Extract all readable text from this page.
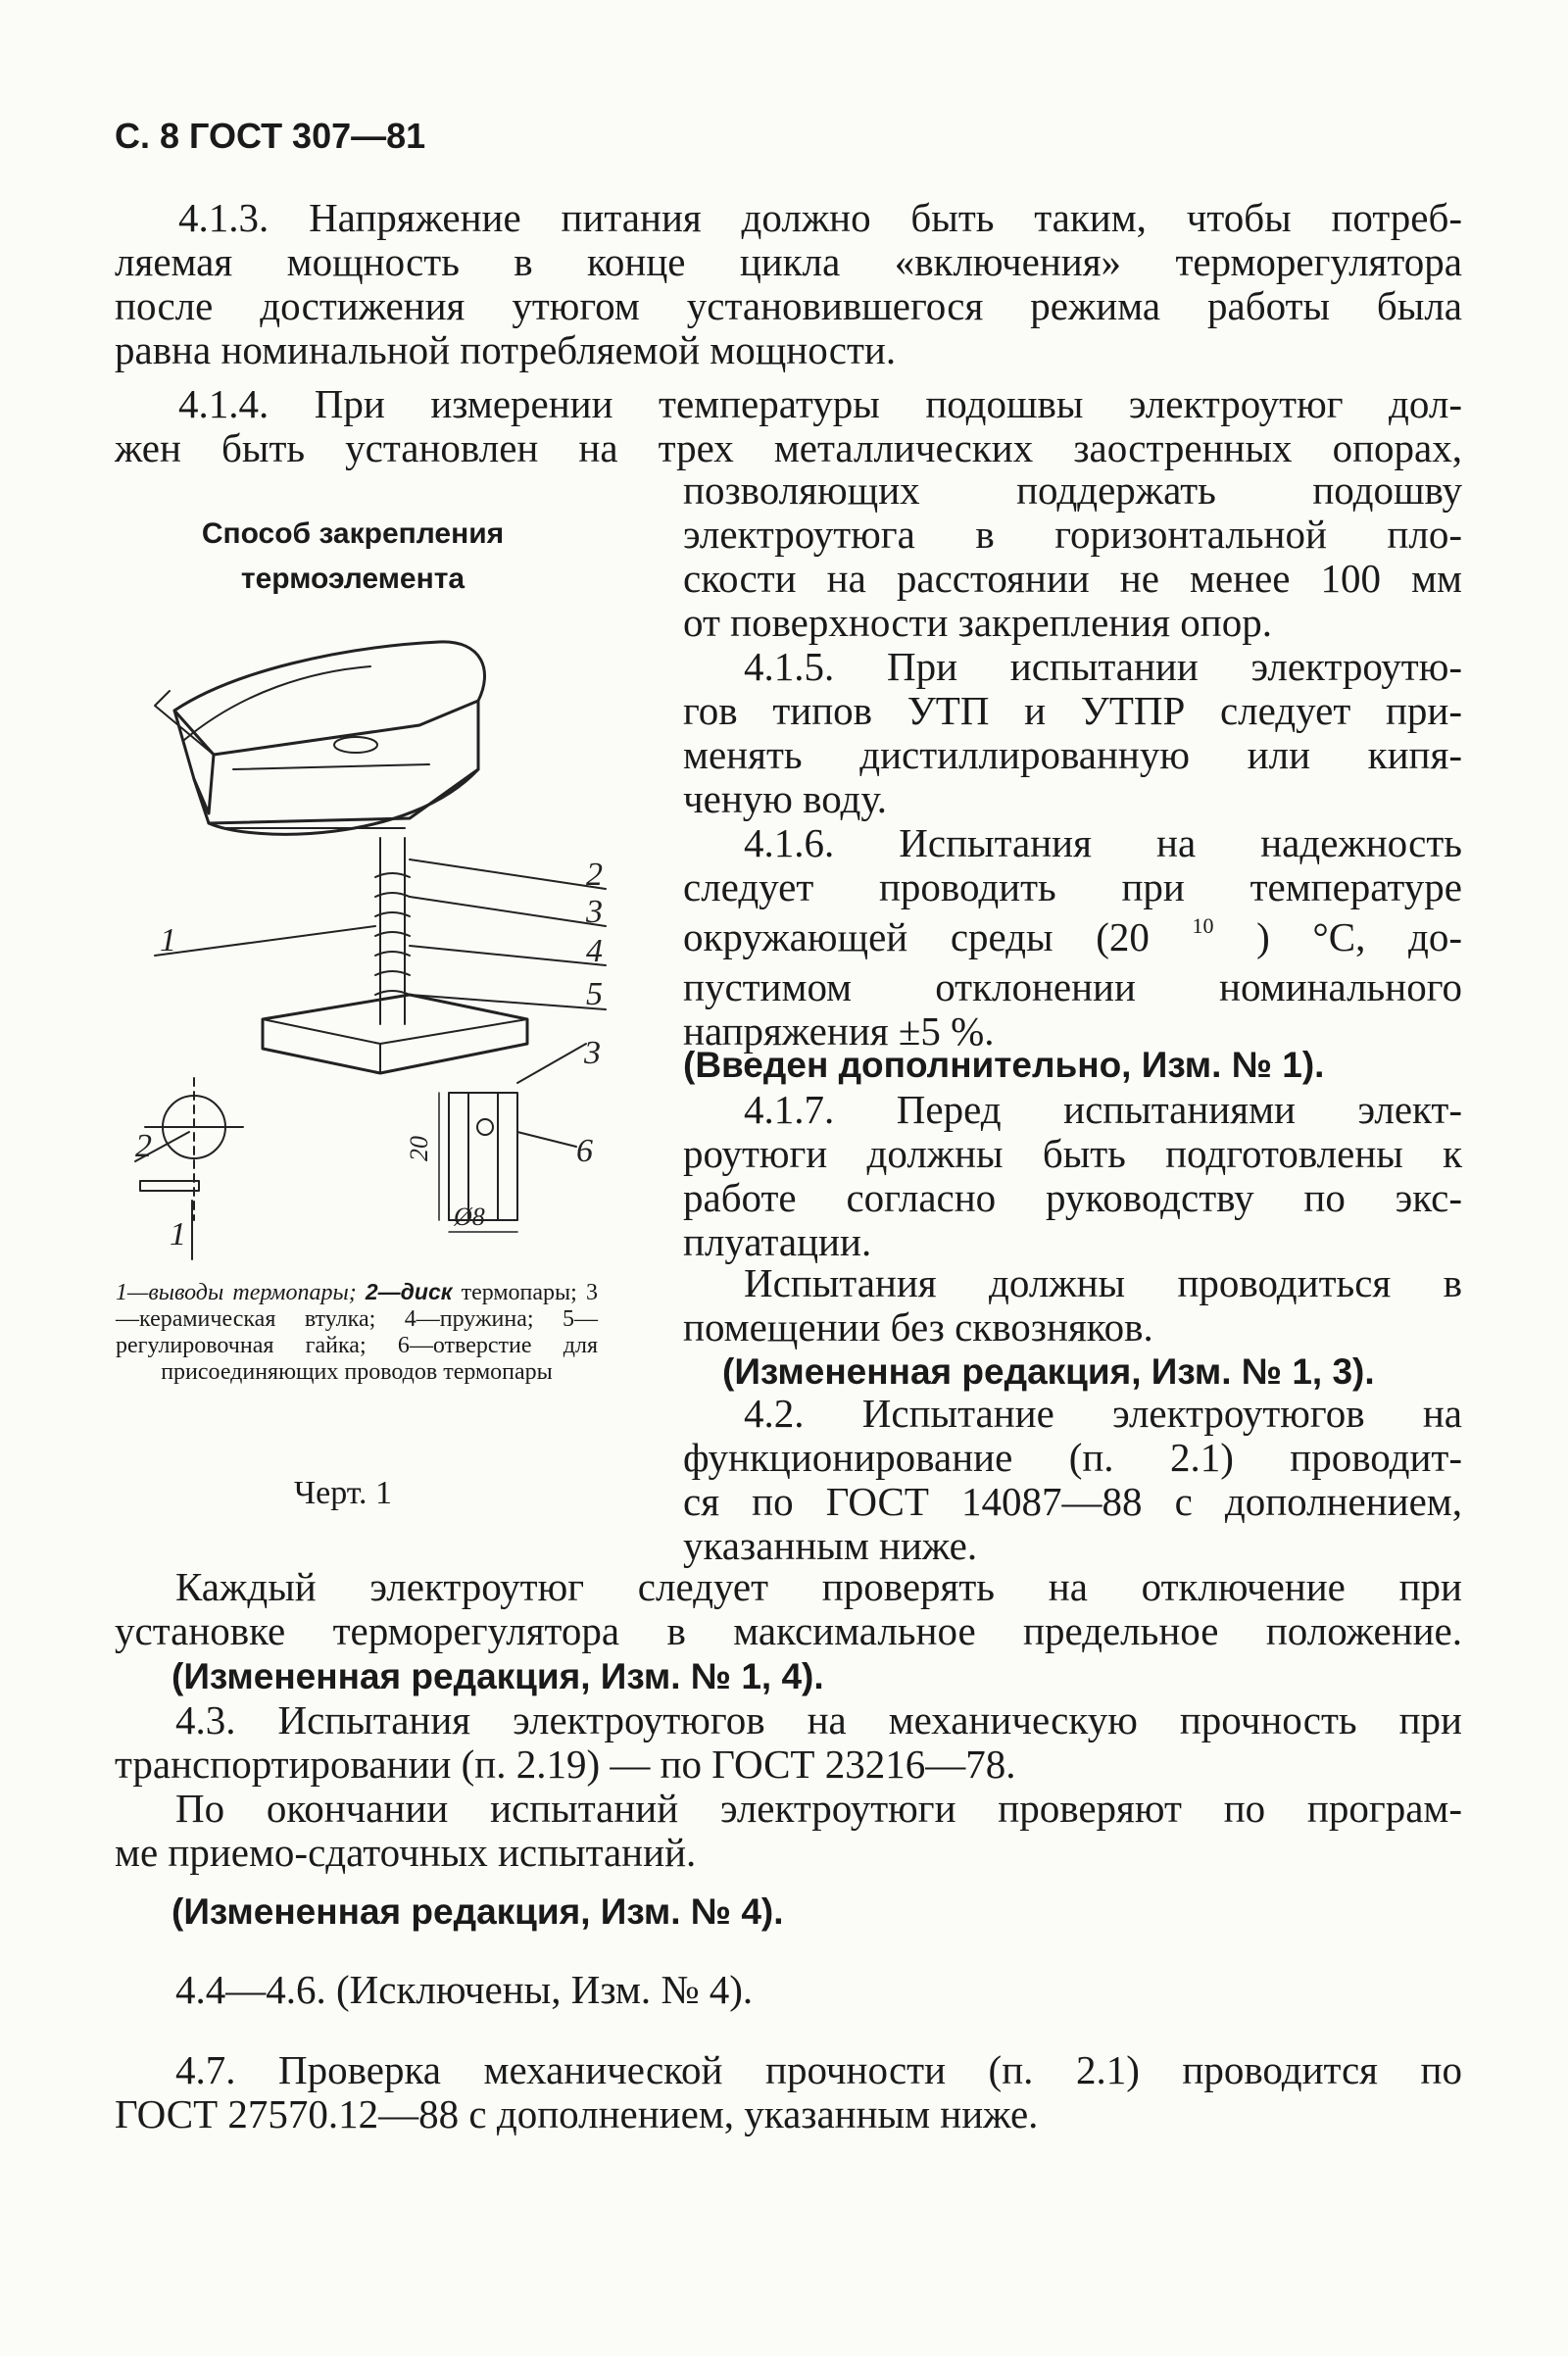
С. 8 ГОСТ 307—81
4.1.3. Напряжение питания должно быть таким, чтобы потреб-
ляемая мощность в конце цикла «включения» терморегулятора
после достижения утюгом установившегося режима работы была
равна номинальной потребляемой мощности.
4.1.4. При измерении температуры подошвы электроутюг дол-
жен быть установлен на трех металлических заостренных опорах,
позволяющих поддержать подошву
электроутюга в горизонтальной пло-
скости на расстоянии не менее 100 мм
от поверхности закрепления опор.
Способ закрепления
термоэлемента
2
3
4
5
3
2	6
1
1
20
Ø8
1—выводы термопары; 2—диск термопары; 3—керамическая втулка; 4—пружина; 5—регулировочная гайка; 6—отверстие для присоединяющих проводов термопары
Черт. 1
4.1.5. При испытании электроутю-
гов типов УТП и УТПР следует при-
менять дистиллированную или кипя-
ченую воду.
4.1.6. Испытания на надежность
следует проводить при температуре
окружающей среды (20 $^{10}$ ) °С, до-
пустимом отклонении номинального
напряжения ±5 %.
(Введен дополнительно, Изм. № 1).
4.1.7. Перед испытаниями элект-
роутюги должны быть подготовлены к
работе согласно руководству по экс-
плуатации.
Испытания должны проводиться в
помещении без сквозняков.
(Измененная редакция, Изм. № 1, 3).
4.2. Испытание электроутюгов на
функционирование (п. 2.1) проводит-
ся по ГОСТ 14087—88 с дополнением,
указанным ниже.
Каждый электроутюг следует проверять на отключение при
установке терморегулятора в максимальное предельное положение.
(Измененная редакция, Изм. № 1, 4).
4.3. Испытания электроутюгов на механическую прочность при
транспортировании (п. 2.19) — по ГОСТ 23216—78.
По окончании испытаний электроутюги проверяют по програм-
ме приемо-сдаточных испытаний.
(Измененная редакция, Изм. № 4).
4.4—4.6. (Исключены, Изм. № 4).
4.7. Проверка механической прочности (п. 2.1) проводится по
ГОСТ 27570.12—88 с дополнением, указанным ниже.
